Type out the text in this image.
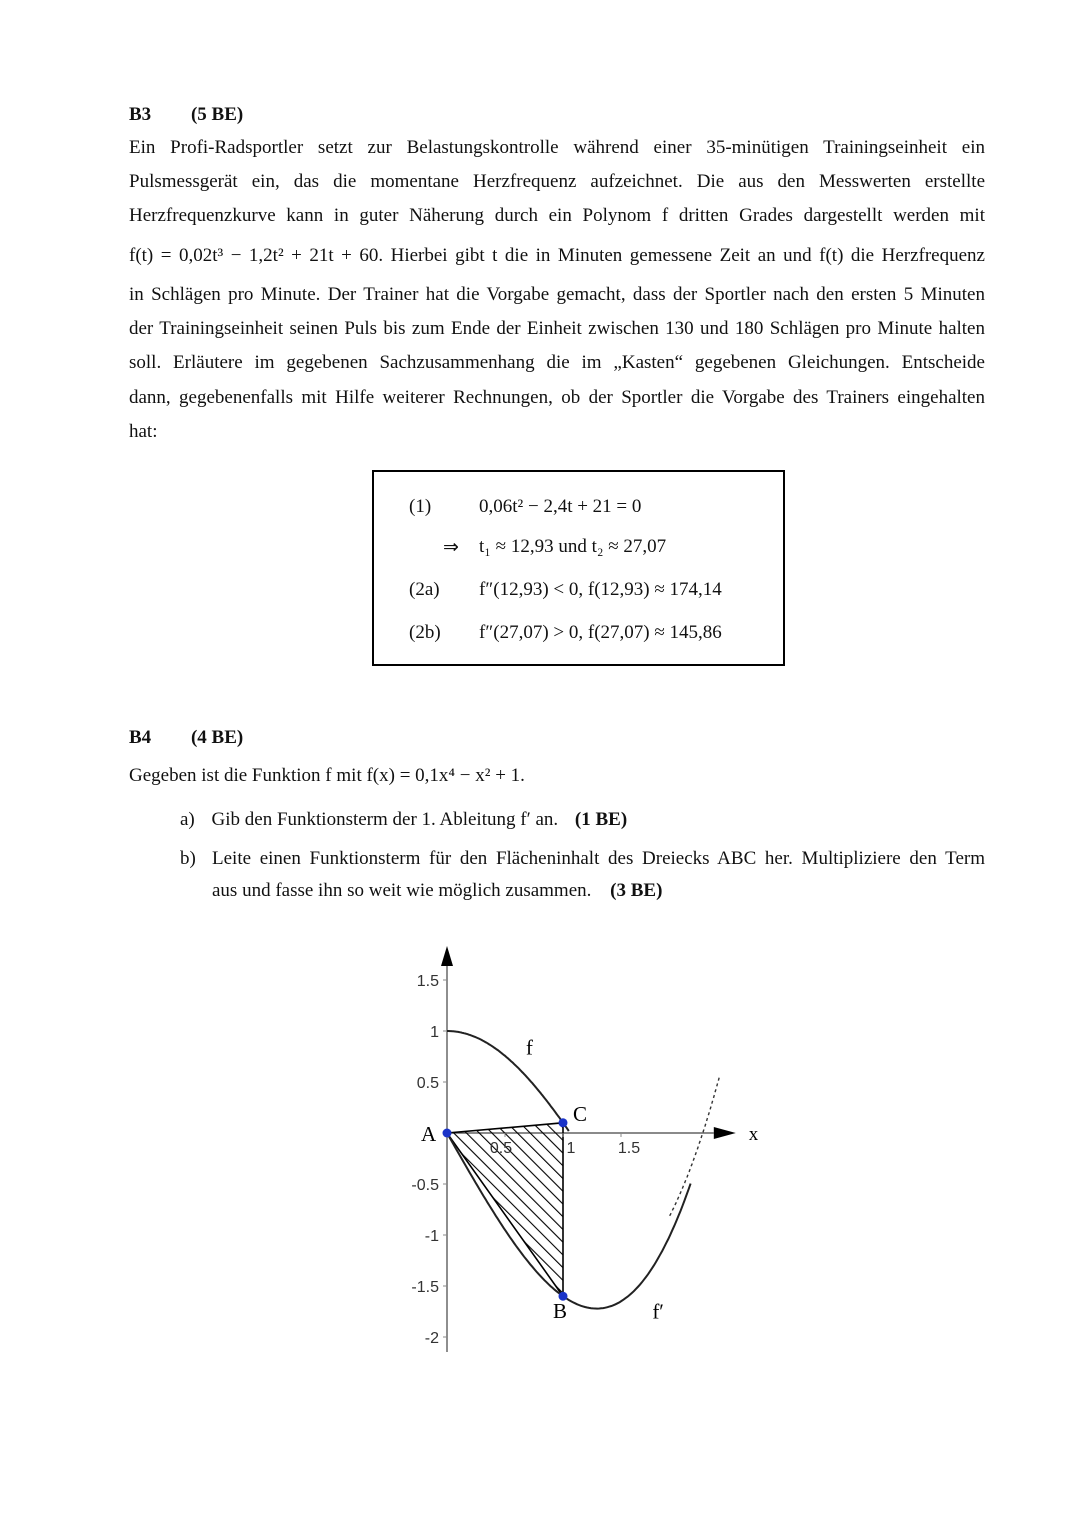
B3 (5 BE)
Ein Profi-Radsportler setzt zur Belastungskontrolle während einer 35-minütigen Trainingseinheit ein
Pulsmessgerät ein, das die momentane Herzfrequenz aufzeichnet. Die aus den Messwerten erstellte
Herzfrequenzkurve kann in guter Näherung durch ein Polynom f dritten Grades dargestellt werden mit
f(t) = 0,02t³ − 1,2t² + 21t + 60. Hierbei gibt t die in Minuten gemessene Zeit an und f(t) die Herzfrequenz
in Schlägen pro Minute. Der Trainer hat die Vorgabe gemacht, dass der Sportler nach den ersten 5 Minuten
der Trainingseinheit seinen Puls bis zum Ende der Einheit zwischen 130 und 180 Schlägen pro Minute halten
soll. Erläutere im gegebenen Sachzusammenhang die im „Kasten“ gegebenen Gleichungen. Entscheide
dann, gegebenenfalls mit Hilfe weiterer Rechnungen, ob der Sportler die Vorgabe des Trainers eingehalten
hat:
(1)	0,06t² − 2,4t + 21 = 0
⇒ t₁ ≈ 12,93 und t₂ ≈ 27,07
(2a) f″(12,93) < 0, f(12,93) ≈ 174,14
(2b) f″(27,07) > 0, f(27,07) ≈ 145,86
B4 (4 BE)
Gegeben ist die Funktion f mit f(x) = 0,1x⁴ − x² + 1.
a) Gib den Funktionsterm der 1. Ableitung f′ an. (1 BE)
b) Leite einen Funktionsterm für den Flächeninhalt des Dreiecks ABC her. Multipliziere den Term
aus und fasse ihn so weit wie möglich zusammen. (3 BE)
x
f
f′
1.5
1
0.5
-0.5
-1
-1.5
-2
0.5	1	1.5
A
B
C
